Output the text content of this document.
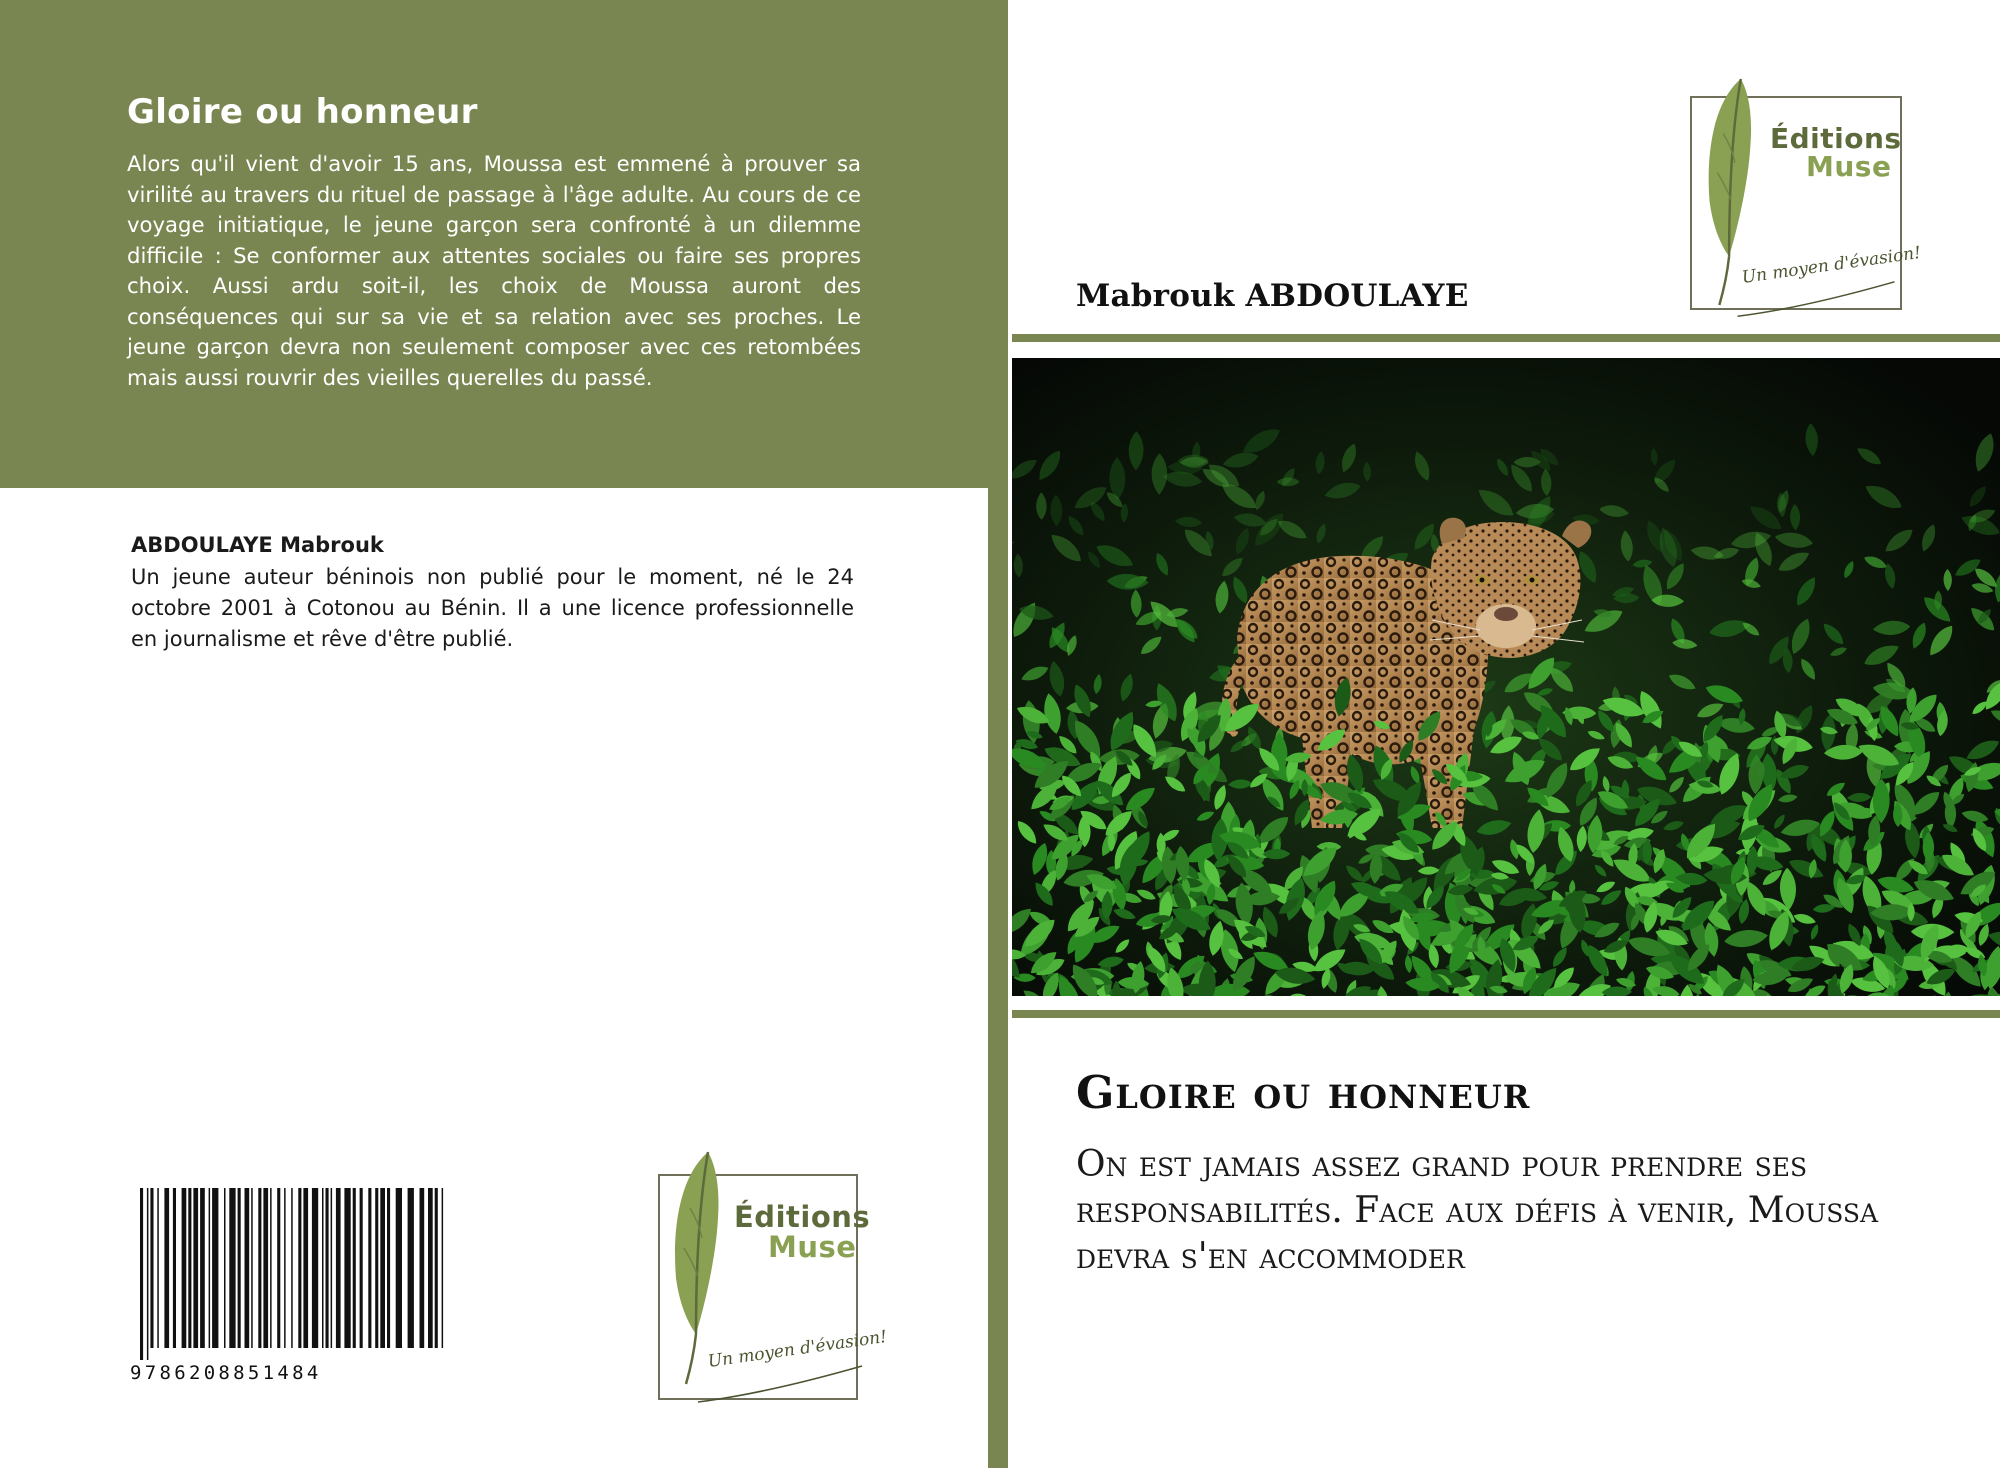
Gloire ou honneur

Alors qu'il vient d'avoir 15 ans, Moussa est emmené à prouver sa virilité au travers du rituel de passage à l'âge adulte. Au cours de ce voyage initiatique, le jeune garçon sera confronté à un dilemme difficile : Se conformer aux attentes sociales ou faire ses propres choix. Aussi ardu soit-il, les choix de Moussa auront des conséquences qui sur sa vie et sa relation avec ses proches. Le jeune garçon devra non seulement composer avec ces retombées mais aussi rouvrir des vieilles querelles du passé.

ABDOULAYE Mabrouk

Un jeune auteur béninois non publié pour le moment, né le 24 octobre 2001 à Cotonou au Bénin. Il a une licence professionnelle en journalisme et rêve d'être publié.

9786208851484
Éditions
Muse
Un moyen d'évasion!
Éditions
Muse
Un moyen d'évasion!

Mabrouk ABDOULAYE

Gloire ou honneur

On est jamais assez grand pour prendre ses responsabilités. Face aux défis à venir, Moussa devra s'en accommoder
